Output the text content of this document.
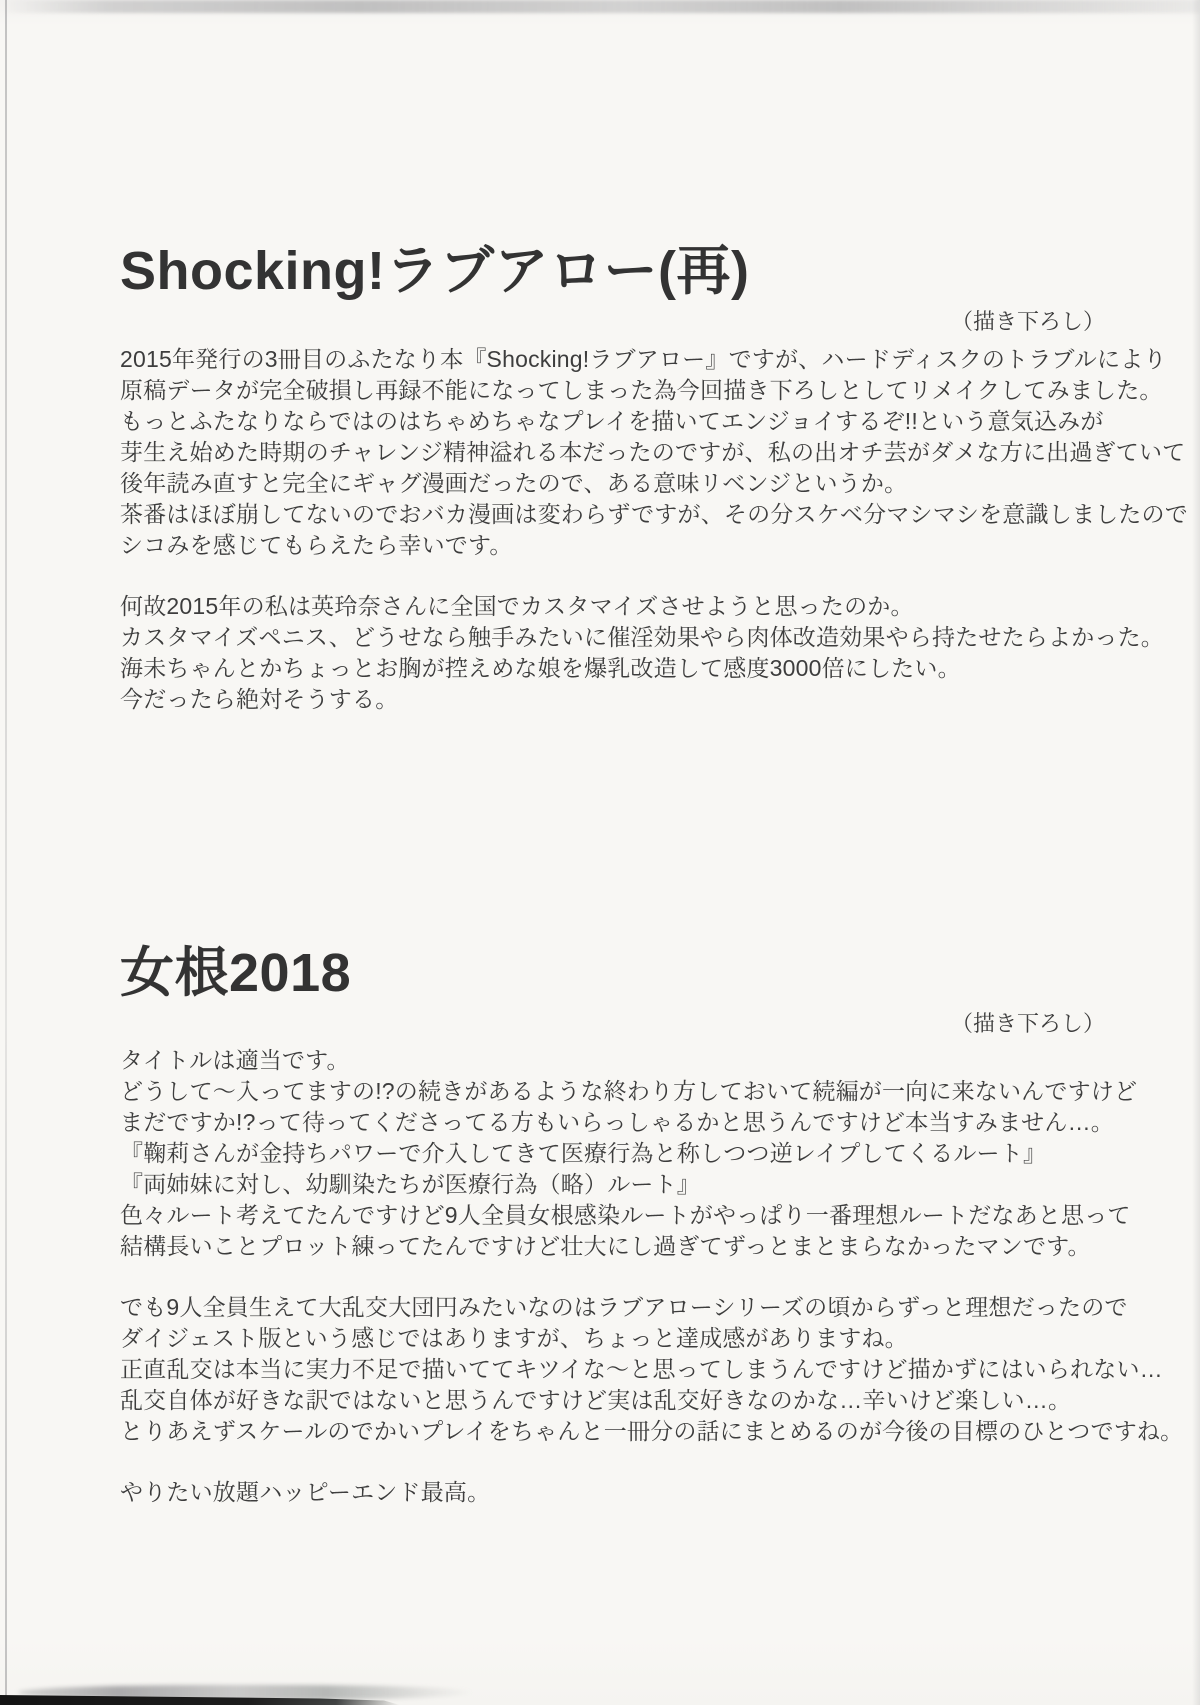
Shocking!ラブアロー(再)

（描き下ろし）

2015年発行の3冊目のふたなり本『Shocking!ラブアロー』ですが、ハードディスクのトラブルにより
原稿データが完全破損し再録不能になってしまった為今回描き下ろしとしてリメイクしてみました。
もっとふたなりならではのはちゃめちゃなプレイを描いてエンジョイするぞ!!という意気込みが
芽生え始めた時期のチャレンジ精神溢れる本だったのですが、私の出オチ芸がダメな方に出過ぎていて
後年読み直すと完全にギャグ漫画だったので、ある意味リベンジというか。
茶番はほぼ崩してないのでおバカ漫画は変わらずですが、その分スケベ分マシマシを意識しましたので
シコみを感じてもらえたら幸いです。
何故2015年の私は英玲奈さんに全国でカスタマイズさせようと思ったのか。
カスタマイズペニス、どうせなら触手みたいに催淫効果やら肉体改造効果やら持たせたらよかった。
海未ちゃんとかちょっとお胸が控えめな娘を爆乳改造して感度3000倍にしたい。
今だったら絶対そうする。
女根2018

（描き下ろし）

タイトルは適当です。
どうして〜入ってますの!?の続きがあるような終わり方しておいて続編が一向に来ないんですけど
まだですか!?って待ってくださってる方もいらっしゃるかと思うんですけど本当すみません…。
『鞠莉さんが金持ちパワーで介入してきて医療行為と称しつつ逆レイプしてくるルート』
『両姉妹に対し、幼馴染たちが医療行為（略）ルート』
色々ルート考えてたんですけど9人全員女根感染ルートがやっぱり一番理想ルートだなあと思って
結構長いことプロット練ってたんですけど壮大にし過ぎてずっとまとまらなかったマンです。
でも9人全員生えて大乱交大団円みたいなのはラブアローシリーズの頃からずっと理想だったので
ダイジェスト版という感じではありますが、ちょっと達成感がありますね。
正直乱交は本当に実力不足で描いててキツイな〜と思ってしまうんですけど描かずにはいられない…
乱交自体が好きな訳ではないと思うんですけど実は乱交好きなのかな…辛いけど楽しい…。
とりあえずスケールのでかいプレイをちゃんと一冊分の話にまとめるのが今後の目標のひとつですね。
やりたい放題ハッピーエンド最高。
